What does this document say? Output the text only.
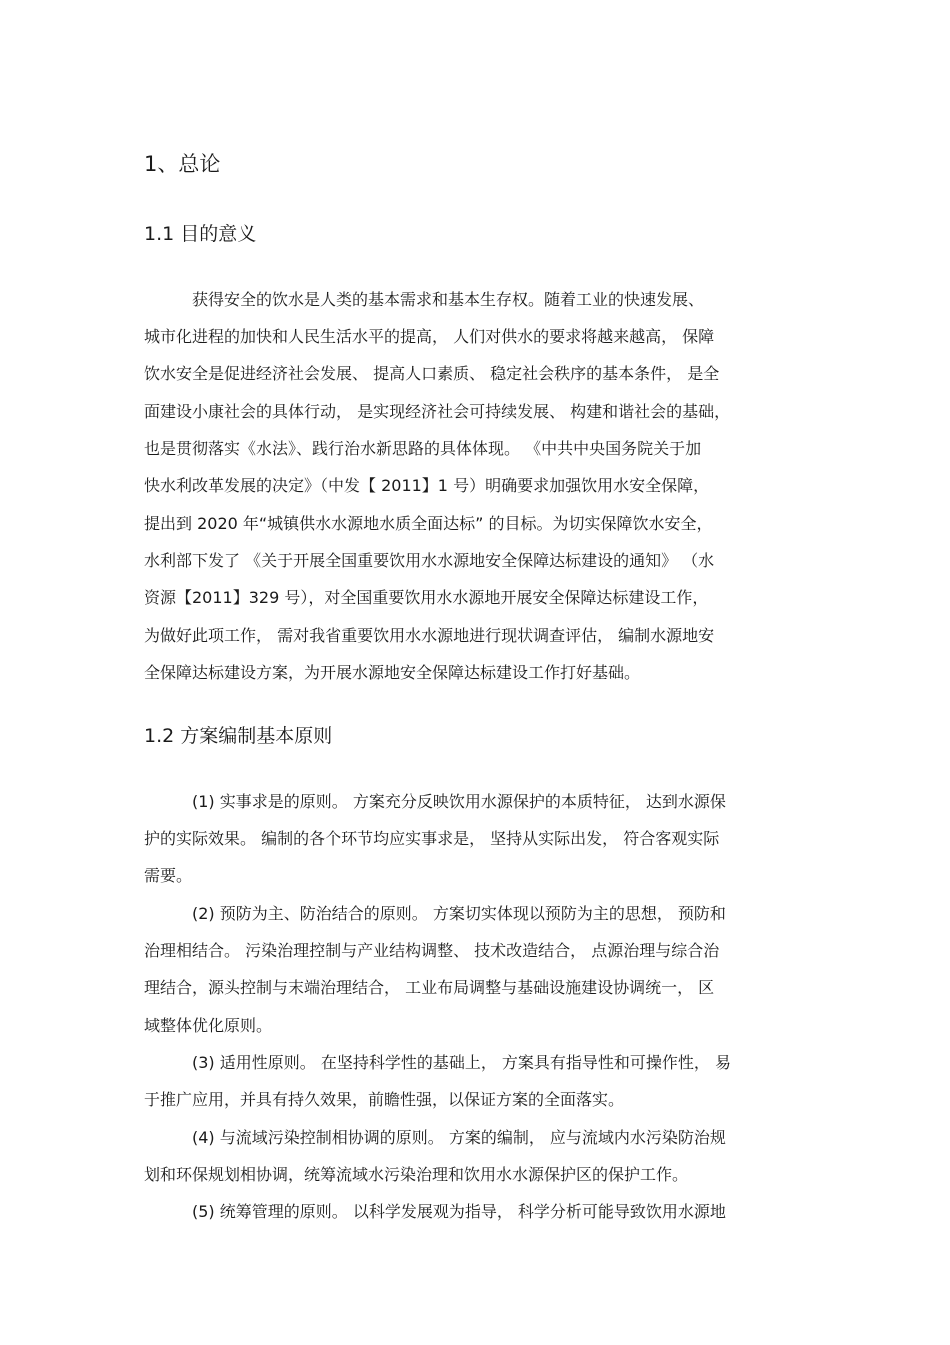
1、总论
1.1 目的意义
获得安全的饮水是人类的基本需求和基本生存权。随着工业的快速发展、
城市化进程的加快和人民生活水平的提高， 人们对供水的要求将越来越高， 保障
饮水安全是促进经济社会发展、 提高人口素质、 稳定社会秩序的基本条件， 是全
面建设小康社会的具体行动， 是实现经济社会可持续发展、 构建和谐社会的基础，
也是贯彻落实《水法》、践行治水新思路的具体体现。 《中共中央国务院关于加
快水利改革发展的决定》（中发【 2011】1 号）明确要求加强饮用水安全保障，
提出到 2020 年“城镇供水水源地水质全面达标” 的目标。为切实保障饮水安全，
水利部下发了 《关于开展全国重要饮用水水源地安全保障达标建设的通知》 （水
资源【2011】329 号），对全国重要饮用水水源地开展安全保障达标建设工作，
为做好此项工作， 需对我省重要饮用水水源地进行现状调查评估， 编制水源地安
全保障达标建设方案，为开展水源地安全保障达标建设工作打好基础。
1.2 方案编制基本原则
(1) 实事求是的原则。 方案充分反映饮用水源保护的本质特征， 达到水源保
护的实际效果。 编制的各个环节均应实事求是， 坚持从实际出发， 符合客观实际
需要。
(2) 预防为主、防治结合的原则。 方案切实体现以预防为主的思想， 预防和
治理相结合。 污染治理控制与产业结构调整、 技术改造结合， 点源治理与综合治
理结合，源头控制与末端治理结合， 工业布局调整与基础设施建设协调统一， 区
域整体优化原则。
(3) 适用性原则。 在坚持科学性的基础上， 方案具有指导性和可操作性， 易
于推广应用，并具有持久效果，前瞻性强，以保证方案的全面落实。
(4) 与流域污染控制相协调的原则。 方案的编制， 应与流域内水污染防治规
划和环保规划相协调，统筹流域水污染治理和饮用水水源保护区的保护工作。
(5) 统筹管理的原则。 以科学发展观为指导， 科学分析可能导致饮用水源地
